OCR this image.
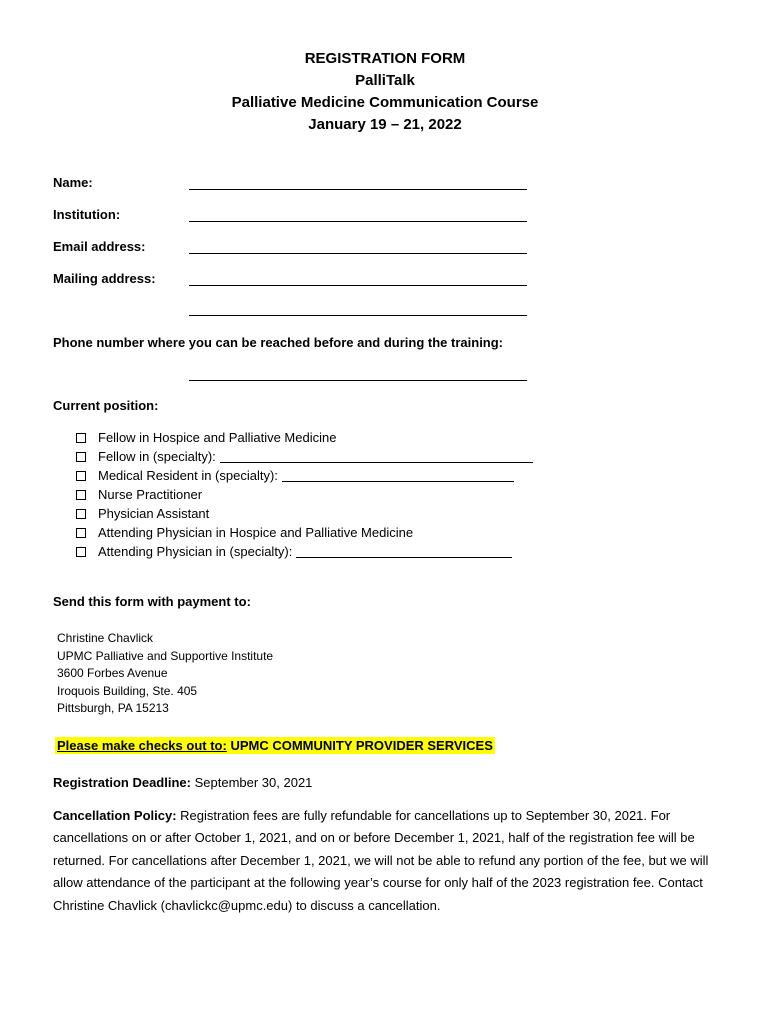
REGISTRATION FORM
PalliTalk
Palliative Medicine Communication Course
January 19 – 21, 2022
Name:
Institution:
Email address:
Mailing address:
Phone number where you can be reached before and during the training:
Current position:
Fellow in Hospice and Palliative Medicine
Fellow in (specialty):
Medical Resident in (specialty):
Nurse Practitioner
Physician Assistant
Attending Physician in Hospice and Palliative Medicine
Attending Physician in (specialty):
Send this form with payment to:
Christine Chavlick
UPMC Palliative and Supportive Institute
3600 Forbes Avenue
Iroquois Building, Ste. 405
Pittsburgh, PA 15213
Please make checks out to: UPMC COMMUNITY PROVIDER SERVICES
Registration Deadline: September 30, 2021
Cancellation Policy: Registration fees are fully refundable for cancellations up to September 30, 2021. For cancellations on or after October 1, 2021, and on or before December 1, 2021, half of the registration fee will be returned. For cancellations after December 1, 2021, we will not be able to refund any portion of the fee, but we will allow attendance of the participant at the following year’s course for only half of the 2023 registration fee. Contact Christine Chavlick (chavlickc@upmc.edu) to discuss a cancellation.
